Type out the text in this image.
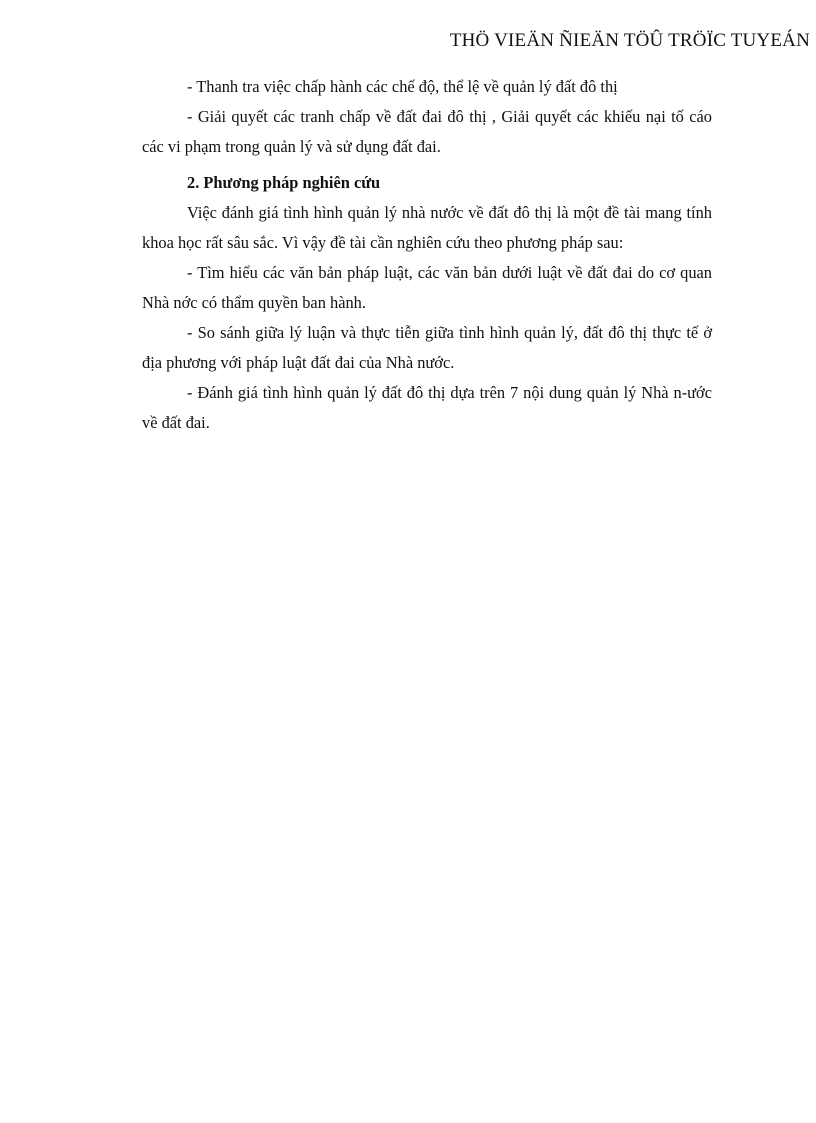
THÖ VIEÄN ÑIEÄN TÖÛ TRÖÏC TUYEÁN

- Thanh tra việc chấp hành các chế độ, thể lệ về quản lý đất đô thị

- Giải quyết các tranh chấp về đất đai đô thị , Giải quyết các khiếu nại tố cáo các vi phạm trong quản lý và sử dụng đất đai.

2. Phương pháp nghiên cứu

Việc đánh giá tình hình quản lý nhà nước về đất đô thị là một đề tài mang tính khoa học rất sâu sắc. Vì vậy đề tài cần nghiên cứu theo phương pháp sau:

- Tìm hiểu các văn bản pháp luật, các văn bản dưới luật về đất đai do cơ quan Nhà nớc có thẩm quyền ban hành.

- So sánh giữa lý luận và thực tiễn giữa tình hình quản lý, đất đô thị thực tế ở địa phương với pháp luật đất đai của Nhà nước.

- Đánh giá tình hình quản lý đất đô thị dựa trên 7 nội dung quản lý Nhà n-ước về đất đai.
